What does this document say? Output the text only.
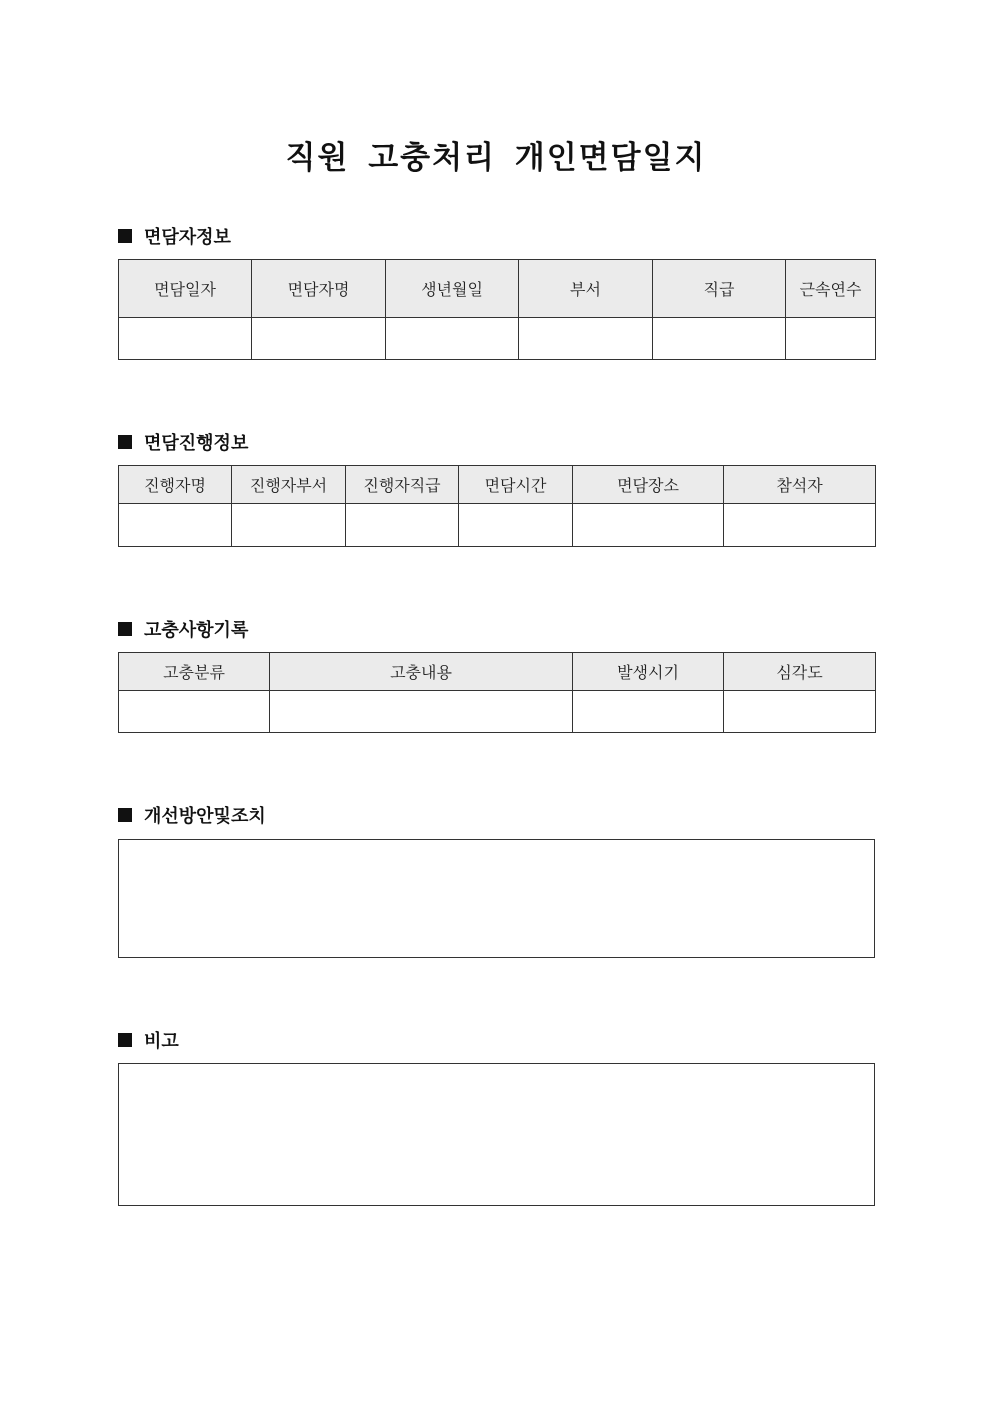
직원 고충처리 개인면담일지
면담자정보
면담일자	면담자명	생년월일	부서	직급	근속연수

면담진행정보
진행자명	진행자부서	진행자직급	면담시간	면담장소	참석자

고충사항기록
고충분류	고충내용	발생시기	심각도

개선방안및조치
비고
